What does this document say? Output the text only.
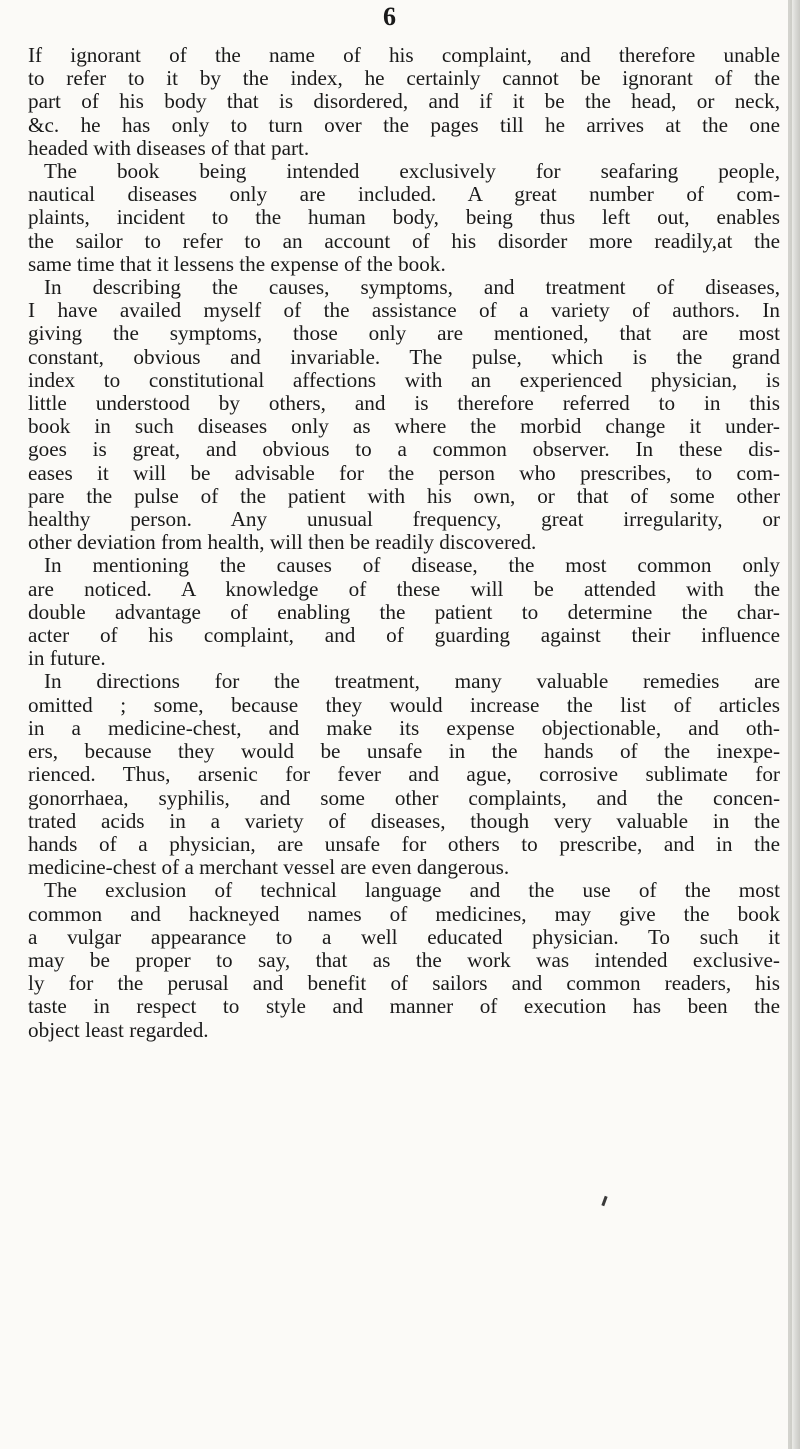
6
If ignorant of the name of his complaint, and therefore unable
to refer to it by the index, he certainly cannot be ignorant of the
part of his body that is disordered, and if it be the head, or neck,
&c. he has only to turn over the pages till he arrives at the one
headed with diseases of that part.
The book being intended exclusively for seafaring people,
nautical diseases only are included. A great number of com-
plaints, incident to the human body, being thus left out, enables
the sailor to refer to an account of his disorder more readily,at the
same time that it lessens the expense of the book.
In describing the causes, symptoms, and treatment of diseases,
I have availed myself of the assistance of a variety of authors. In
giving the symptoms, those only are mentioned, that are most
constant, obvious and invariable. The pulse, which is the grand
index to constitutional affections with an experienced physician, is
little understood by others, and is therefore referred to in this
book in such diseases only as where the morbid change it under-
goes is great, and obvious to a common observer. In these dis-
eases it will be advisable for the person who prescribes, to com-
pare the pulse of the patient with his own, or that of some other
healthy person. Any unusual frequency, great irregularity, or
other deviation from health, will then be readily discovered.
In mentioning the causes of disease, the most common only
are noticed. A knowledge of these will be attended with the
double advantage of enabling the patient to determine the char-
acter of his complaint, and of guarding against their influence
in future.
In directions for the treatment, many valuable remedies are
omitted ; some, because they would increase the list of articles
in a medicine-chest, and make its expense objectionable, and oth-
ers, because they would be unsafe in the hands of the inexpe-
rienced. Thus, arsenic for fever and ague, corrosive sublimate for
gonorrhaea, syphilis, and some other complaints, and the concen-
trated acids in a variety of diseases, though very valuable in the
hands of a physician, are unsafe for others to prescribe, and in the
medicine-chest of a merchant vessel are even dangerous.
The exclusion of technical language and the use of the most
common and hackneyed names of medicines, may give the book
a vulgar appearance to a well educated physician. To such it
may be proper to say, that as the work was intended exclusive-
ly for the perusal and benefit of sailors and common readers, his
taste in respect to style and manner of execution has been the
object least regarded.
